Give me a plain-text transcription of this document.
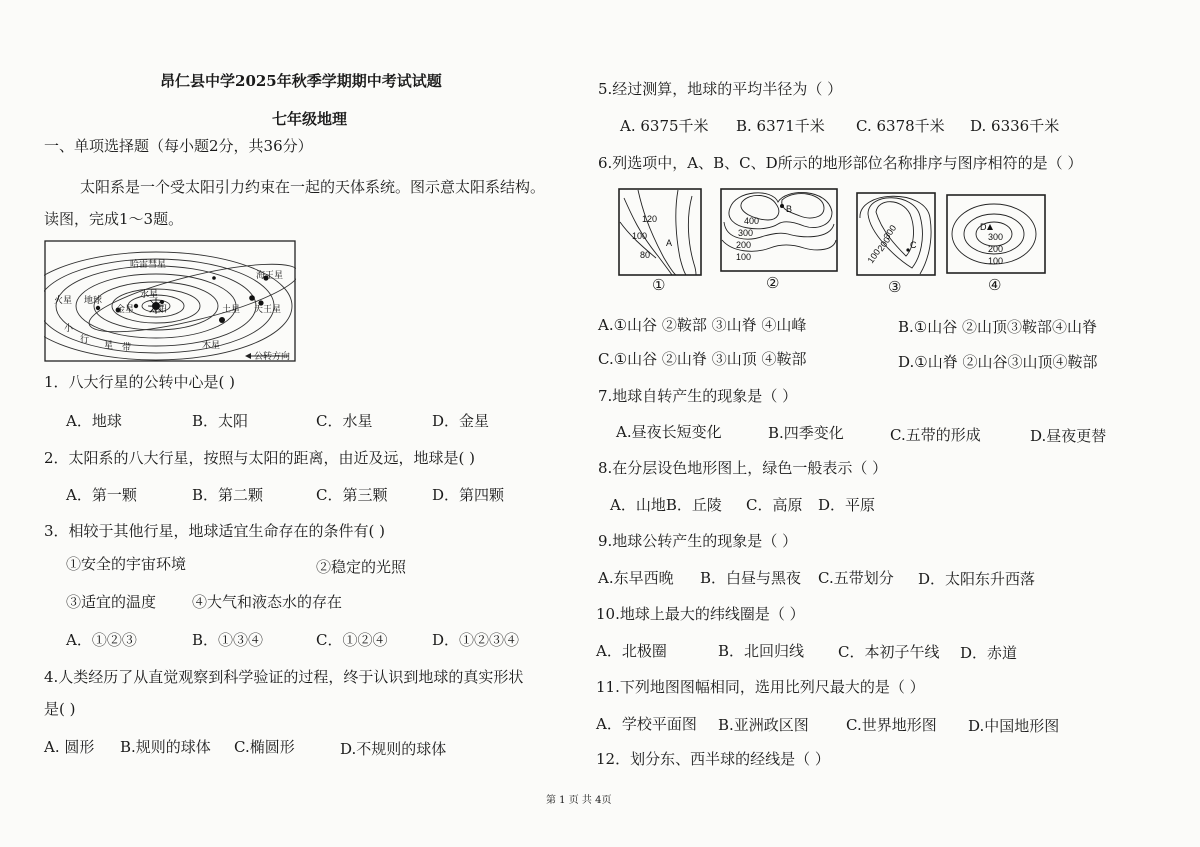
昂仁县中学2025年秋季学期期中考试试题
七年级地理
一、单项选择题（每小题2分，共36分）
太阳系是一个受太阳引力约束在一起的天体系统。图示意太阳系结构。
读图，完成1～3题。
哈雷彗星
海王星
火星 地球
水星
金星 太阳	土星 天王星
木星
小
行
星 带
公转方向
1．八大行星的公转中心是( )
A．地球	B．太阳	C．水星	D．金星
2．太阳系的八大行星，按照与太阳的距离，由近及远，地球是( )
A．第一颗	B．第二颗	C．第三颗	D．第四颗
3．相较于其他行星，地球适宜生命存在的条件有( )
①安全的宇宙环境	②稳定的光照
③适宜的温度 ④大气和液态水的存在
A．①②③	B．①③④	C．①②④	D．①②③④
4.人类经历了从直觉观察到科学验证的过程，终于认识到地球的真实形状
是( )
A. 圆形 B.规则的球体 C.椭圆形	D.不规则的球体
5.经过测算，地球的平均半径为（ ）
A. 6375千米 B. 6371千米 C. 6378千米 D. 6336千米
6.列选项中，A、B、C、D所示的地形部位名称排序与图序相符的是（ ）
120
100
80
A
①
B
400
300
200
100
②
100
200
300
C
③
D
300
200
100
④
A.①山谷 ②鞍部 ③山脊 ④山峰	B.①山谷 ②山顶③鞍部④山脊
C.①山谷 ②山脊 ③山顶 ④鞍部	D.①山脊 ②山谷③山顶④鞍部
7.地球自转产生的现象是（ ）
A.昼夜长短变化	B.四季变化	C.五带的形成	D.昼夜更替
8.在分层设色地形图上，绿色一般表示（ ）
A．山地B．丘陵 C．高原 D．平原
9.地球公转产生的现象是（ ）
A.东早西晚 B．白昼与黑夜 C.五带划分 D．太阳东升西落
10.地球上最大的纬线圈是（ ）
A．北极圈	B．北回归线 C．本初子午线 D．赤道
11.下列地图图幅相同，选用比列尺最大的是（ ）
A．学校平面图 B.亚洲政区图 C.世界地形图 D.中国地形图
12．划分东、西半球的经线是（ ）
第 1 页 共 4页
